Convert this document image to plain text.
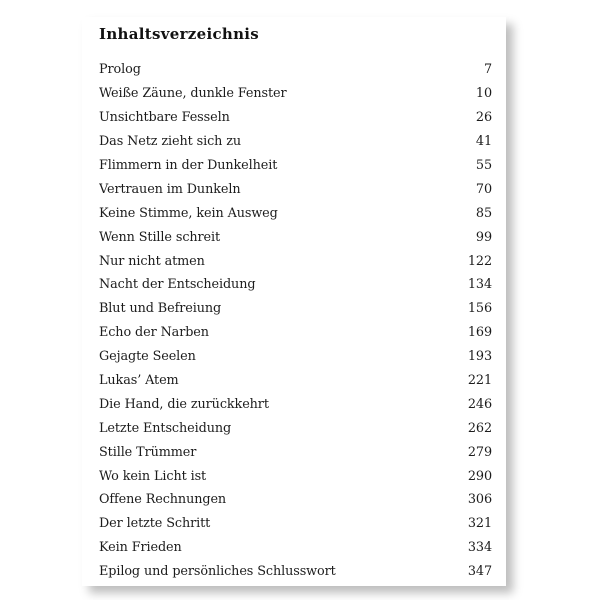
Inhaltsverzeichnis
Prolog	7
Weiße Zäune, dunkle Fenster	10
Unsichtbare Fesseln	26
Das Netz zieht sich zu	41
Flimmern in der Dunkelheit	55
Vertrauen im Dunkeln	70
Keine Stimme, kein Ausweg	85
Wenn Stille schreit	99
Nur nicht atmen	122
Nacht der Entscheidung	134
Blut und Befreiung	156
Echo der Narben	169
Gejagte Seelen	193
Lukas’ Atem	221
Die Hand, die zurückkehrt	246
Letzte Entscheidung	262
Stille Trümmer	279
Wo kein Licht ist	290
Offene Rechnungen	306
Der letzte Schritt	321
Kein Frieden	334
Epilog und persönliches Schlusswort	347
